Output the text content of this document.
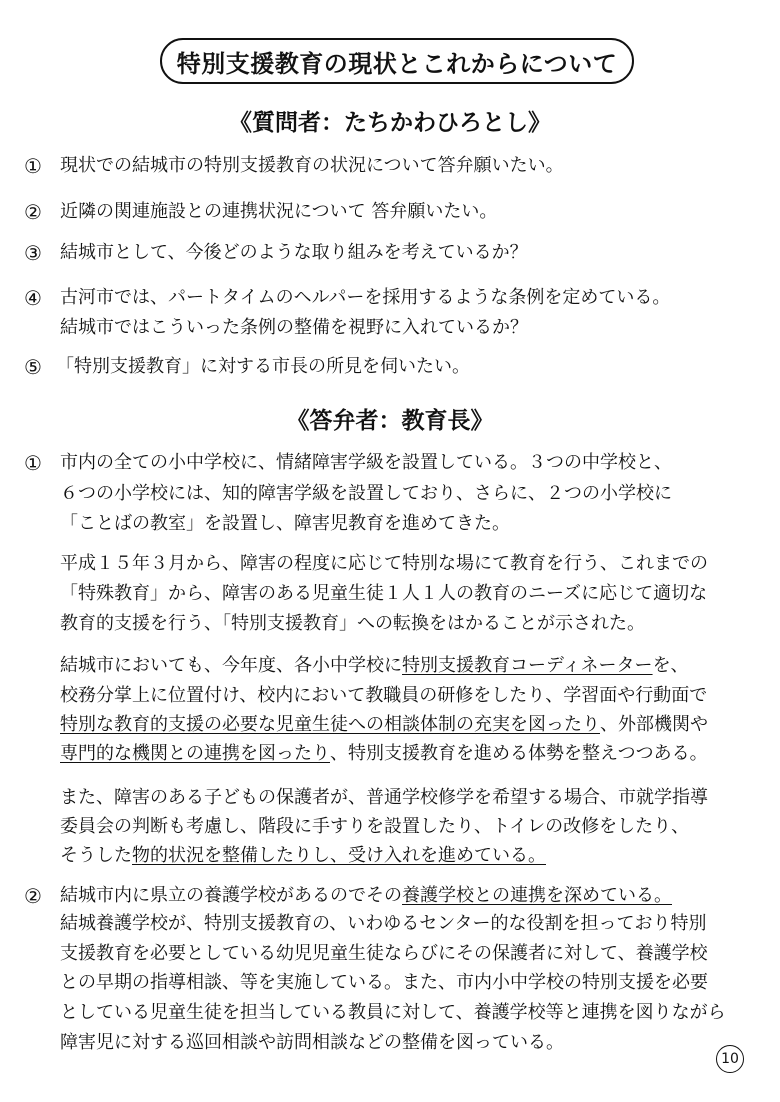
特別支援教育の現状とこれからについて
《質問者：たちかわひろとし》
① 現状での結城市の特別支援教育の状況について答弁願いたい。
② 近隣の関連施設との連携状況について 答弁願いたい。
③ 結城市として、今後どのような取り組みを考えているか？
④ 古河市では、パートタイムのヘルパーを採用するような条例を定めている。
結城市ではこういった条例の整備を視野に入れているか？
⑤ 「特別支援教育」に対する市長の所見を伺いたい。
《答弁者：教育長》
① 市内の全ての小中学校に、情緒障害学級を設置している。３つの中学校と、
６つの小学校には、知的障害学級を設置しており、さらに、２つの小学校に
「ことばの教室」を設置し、障害児教育を進めてきた。
平成１５年３月から、障害の程度に応じて特別な場にて教育を行う、これまでの
「特殊教育」から、障害のある児童生徒１人１人の教育のニーズに応じて適切な
教育的支援を行う、「特別支援教育」への転換をはかることが示された。
結城市においても、今年度、各小中学校に特別支援教育コーディネーターを、
校務分掌上に位置付け、校内において教職員の研修をしたり、学習面や行動面で
特別な教育的支援の必要な児童生徒への相談体制の充実を図ったり、外部機関や
専門的な機関との連携を図ったり、特別支援教育を進める体勢を整えつつある。
また、障害のある子どもの保護者が、普通学校修学を希望する場合、市就学指導
委員会の判断も考慮し、階段に手すりを設置したり、トイレの改修をしたり、
そうした物的状況を整備したりし、受け入れを進めている。
② 結城市内に県立の養護学校があるのでその養護学校との連携を深めている。
結城養護学校が、特別支援教育の、いわゆるセンター的な役割を担っており特別
支援教育を必要としている幼児児童生徒ならびにその保護者に対して、養護学校
との早期の指導相談、等を実施している。また、市内小中学校の特別支援を必要
としている児童生徒を担当している教員に対して、養護学校等と連携を図りながら
障害児に対する巡回相談や訪問相談などの整備を図っている。
10
